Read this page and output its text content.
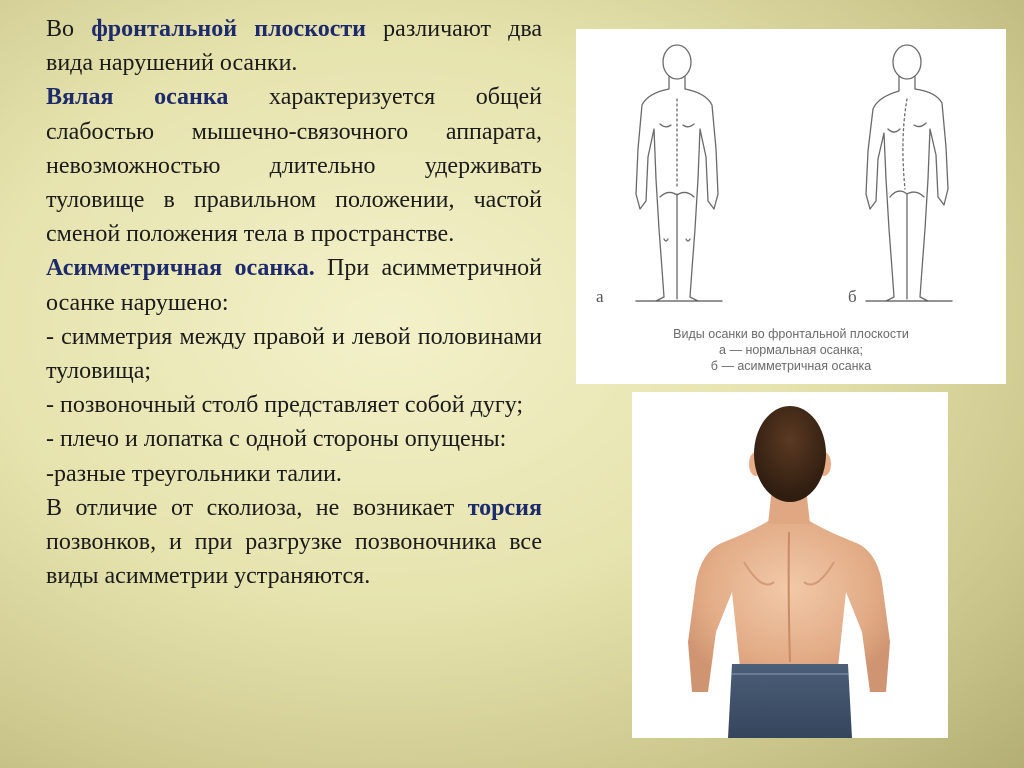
Во фронтальной плоскости различают два вида нарушений осанки.

Вялая осанка характеризуется общей слабостью мышечно-связочного аппарата, невозможностью длительно удерживать туловище в правильном положении, частой сменой положения тела в пространстве.

Асимметричная осанка. При асимметричной осанке нарушено:

- симметрия между правой и левой половинами туловища;

- позвоночный столб представляет собой дугу;

- плечо и лопатка с одной стороны опущены:

-разные треугольники талии.

В отличие от сколиоза, не возникает торсия позвонков, и при разгрузке позвоночника все виды асимметрии устраняются.

а	б
Виды осанки во фронтальной плоскости
а — нормальная осанка;
б — асимметричная осанка
